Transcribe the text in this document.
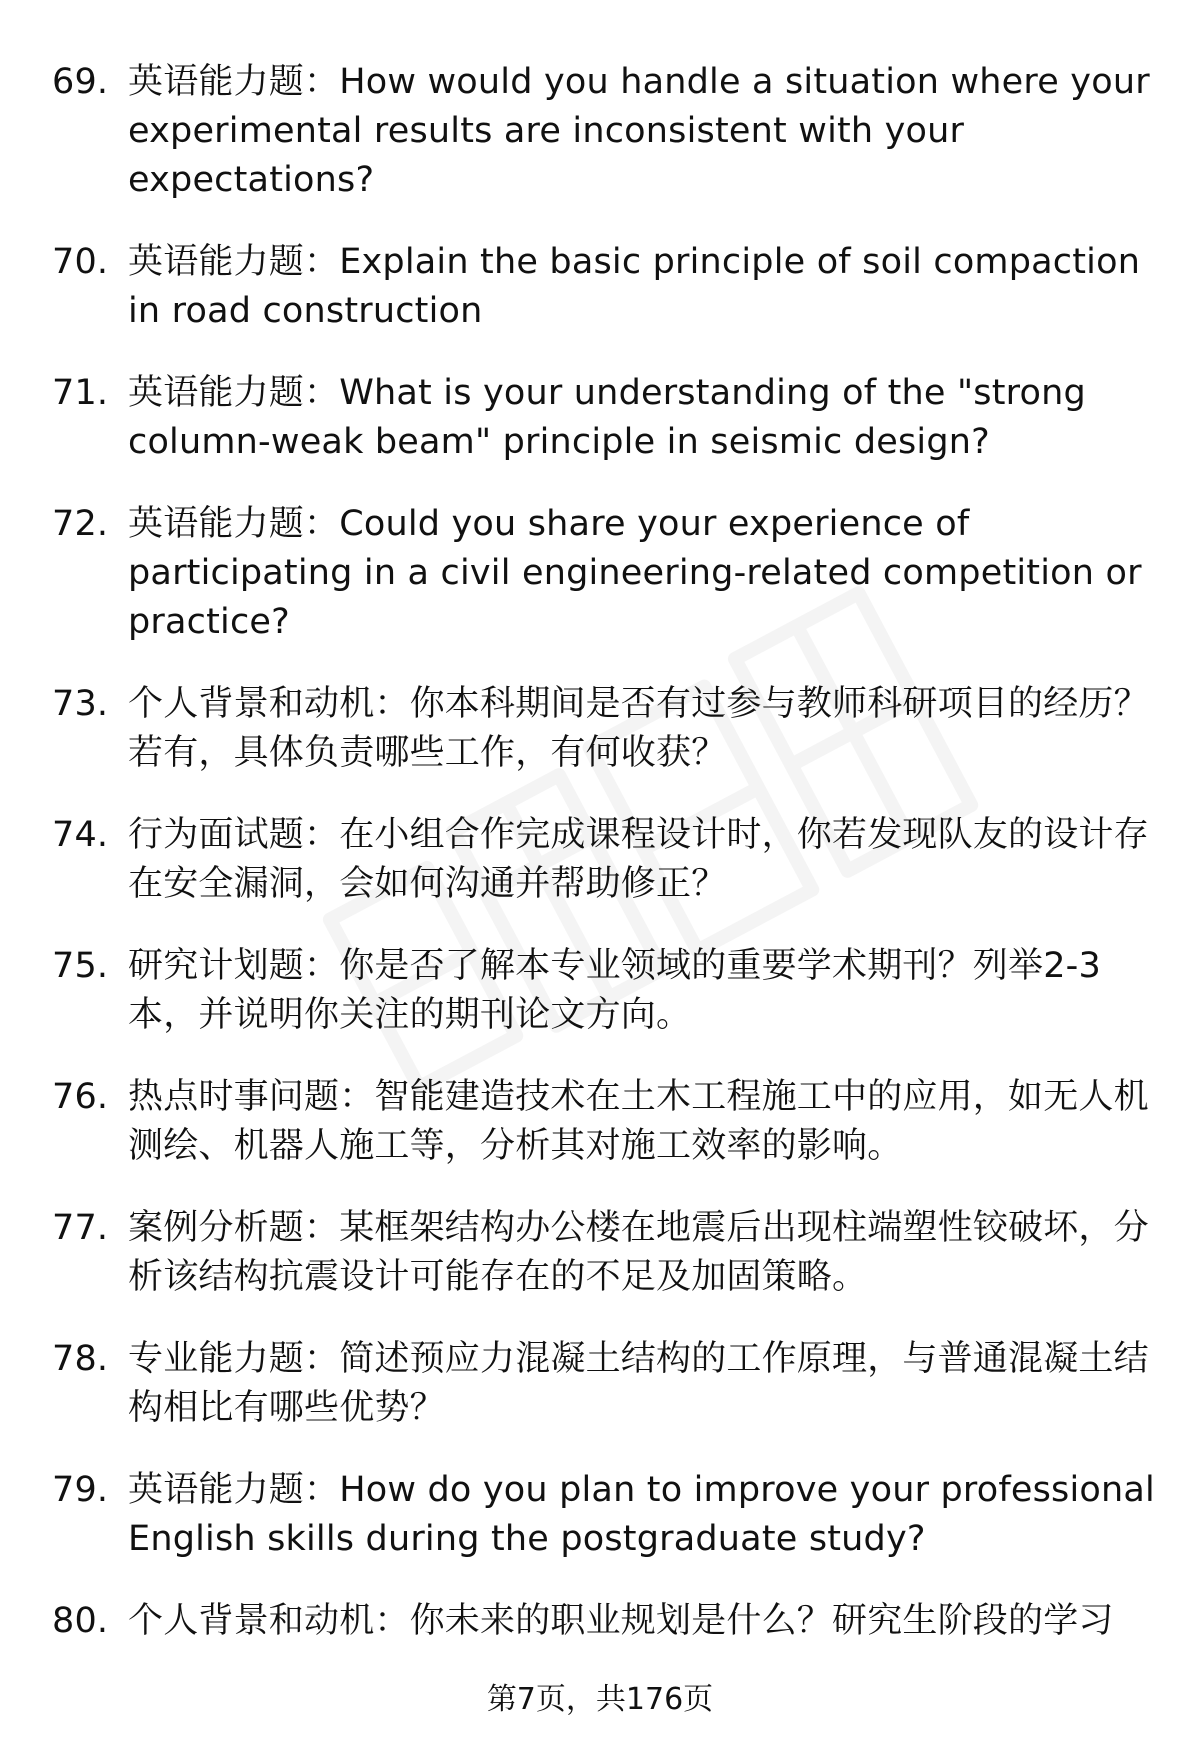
69. 英语能力题：How would you handle a situation where your experimental results are inconsistent with your expectations?
70. 英语能力题：Explain the basic principle of soil compaction in road construction
71. 英语能力题：What is your understanding of the "strong column-weak beam" principle in seismic design?
72. 英语能力题：Could you share your experience of participating in a civil engineering-related competition or practice?
73. 个人背景和动机：你本科期间是否有过参与教师科研项目的经历？若有，具体负责哪些工作，有何收获？
74. 行为面试题：在小组合作完成课程设计时，你若发现队友的设计存在安全漏洞，会如何沟通并帮助修正？
75. 研究计划题：你是否了解本专业领域的重要学术期刊？列举2-3本，并说明你关注的期刊论文方向。
76. 热点时事问题：智能建造技术在土木工程施工中的应用，如无人机测绘、机器人施工等，分析其对施工效率的影响。
77. 案例分析题：某框架结构办公楼在地震后出现柱端塑性铰破坏，分析该结构抗震设计可能存在的不足及加固策略。
78. 专业能力题：简述预应力混凝土结构的工作原理，与普通混凝土结构相比有哪些优势？
79. 英语能力题：How do you plan to improve your professional English skills during the postgraduate study?
80. 个人背景和动机：你未来的职业规划是什么？研究生阶段的学习
第7页，共176页
